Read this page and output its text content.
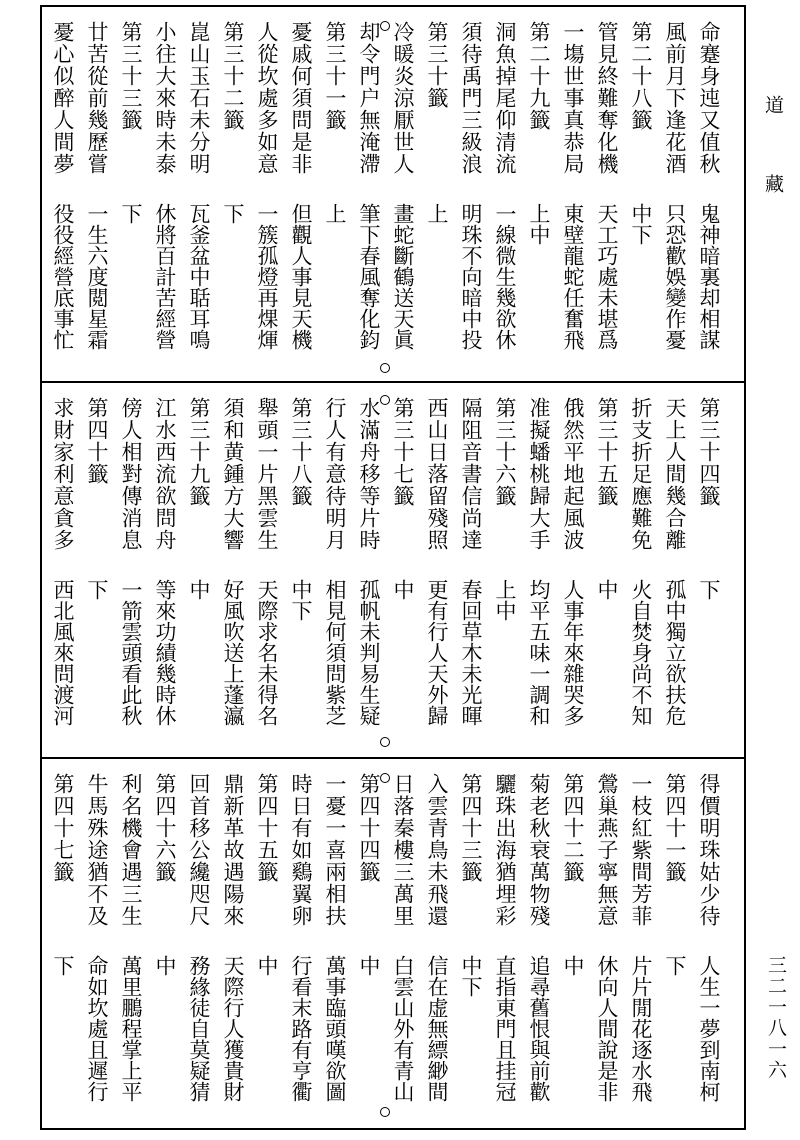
道藏
三二一八一六
命蹇身迍又值秋
鬼神暗裏却相謀
風前月下逢花酒
只恐歡娛變作憂
第二十八籤
中下
管見終難奪化機
天工巧處未堪爲
一塲世事真恭局
東壁龍蛇任奮飛
第二十九籤
上中
洞魚掉尾仰清流
一線微生幾欲休
須待禹門三級浪
明珠不向暗中投
第三十籤
上
冷暖炎涼厭世人
畫蛇斷鶴送天眞
却令門户無淹滯
筆下春風奪化鈞
第三十一籤
上
憂戚何須問是非
但觀人事見天機
人從坎處多如意
一簇孤燈再㷄煇
第三十二籤
下
崑山玉石未分明
瓦釜盆中聒耳鳴
小往大來時未泰
休將百計苦經營
第三十三籤
下
廿苦從前幾歷嘗
一生六度閲星霜
憂心似醉人間夢
役役經營底事忙
第三十四籤
下
天上人間幾合離
孤中獨立欲扶危
折支折足應難免
火自焚身尚不知
第三十五籤
中
俄然平地起風波
人事年來雜哭多
准擬蟠桃歸大手
均平五味一調和
第三十六籤
上中
隔阻音書信尚達
春回草木未光暉
西山日落留殘照
更有行人天外歸
第三十七籤
中
水滿舟移等片時
孤帆未判易生疑
行人有意待明月
相見何須問紫芝
第三十八籤
中下
舉頭一片黑雲生
天際求名未得名
須和黄鍾方大響
好風吹送上蓬瀛
第三十九籤
中
江水西流欲問舟
等來功績幾時休
傍人相對傳消息
一箭雲頭看此秋
第四十籤
下
求財家利意貪多
西北風來問渡河
得價明珠姑少待
人生一夢到南柯
第四十一籤
下
一枝紅紫間芳菲
片片閒花逐水飛
鶯巢燕子寧無意
休向人間說是非
第四十二籤
中
菊老秋衰萬物殘
追尋舊恨與前歡
驪珠出海猶埋彩
直指東門且挂冠
第四十三籤
中下
入雲青鳥未飛還
信在虚無縹緲間
日落秦樓三萬里
白雲山外有青山
第四十四籤
中
一憂一喜兩相扶
萬事臨頭嘆欲圖
時日有如鷄翼卵
行看末路有亨衢
第四十五籤
中
鼎新革故遇陽來
天際行人獲貴財
回首移公纔咫尺
務緣徒自莫疑猜
第四十六籤
中
利名機會遇三生
萬里鵬程掌上平
牛馬殊途猶不及
命如坎處且遲行
第四十七籤
下
